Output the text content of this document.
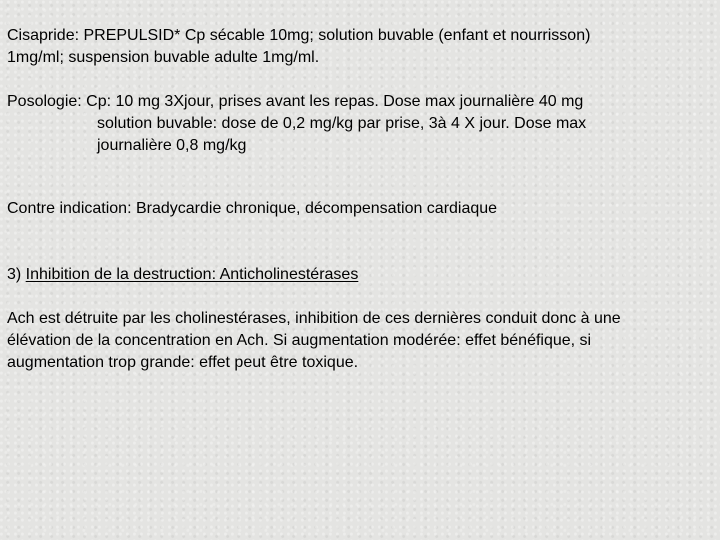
Cisapride: PREPULSID* Cp sécable 10mg; solution buvable (enfant et nourrisson)
1mg/ml; suspension buvable adulte 1mg/ml.

Posologie: Cp: 10 mg 3Xjour, prises avant les repas. Dose max journalière 40 mg
solution buvable: dose de 0,2 mg/kg par prise, 3à 4 X jour. Dose max
journalière 0,8 mg/kg

Contre indication: Bradycardie chronique, décompensation cardiaque

3) Inhibition de la destruction: Anticholinestérases

Ach est détruite par les cholinestérases, inhibition de ces dernières conduit donc à une
élévation de la concentration en Ach. Si augmentation modérée: effet bénéfique, si
augmentation trop grande: effet peut être toxique.
